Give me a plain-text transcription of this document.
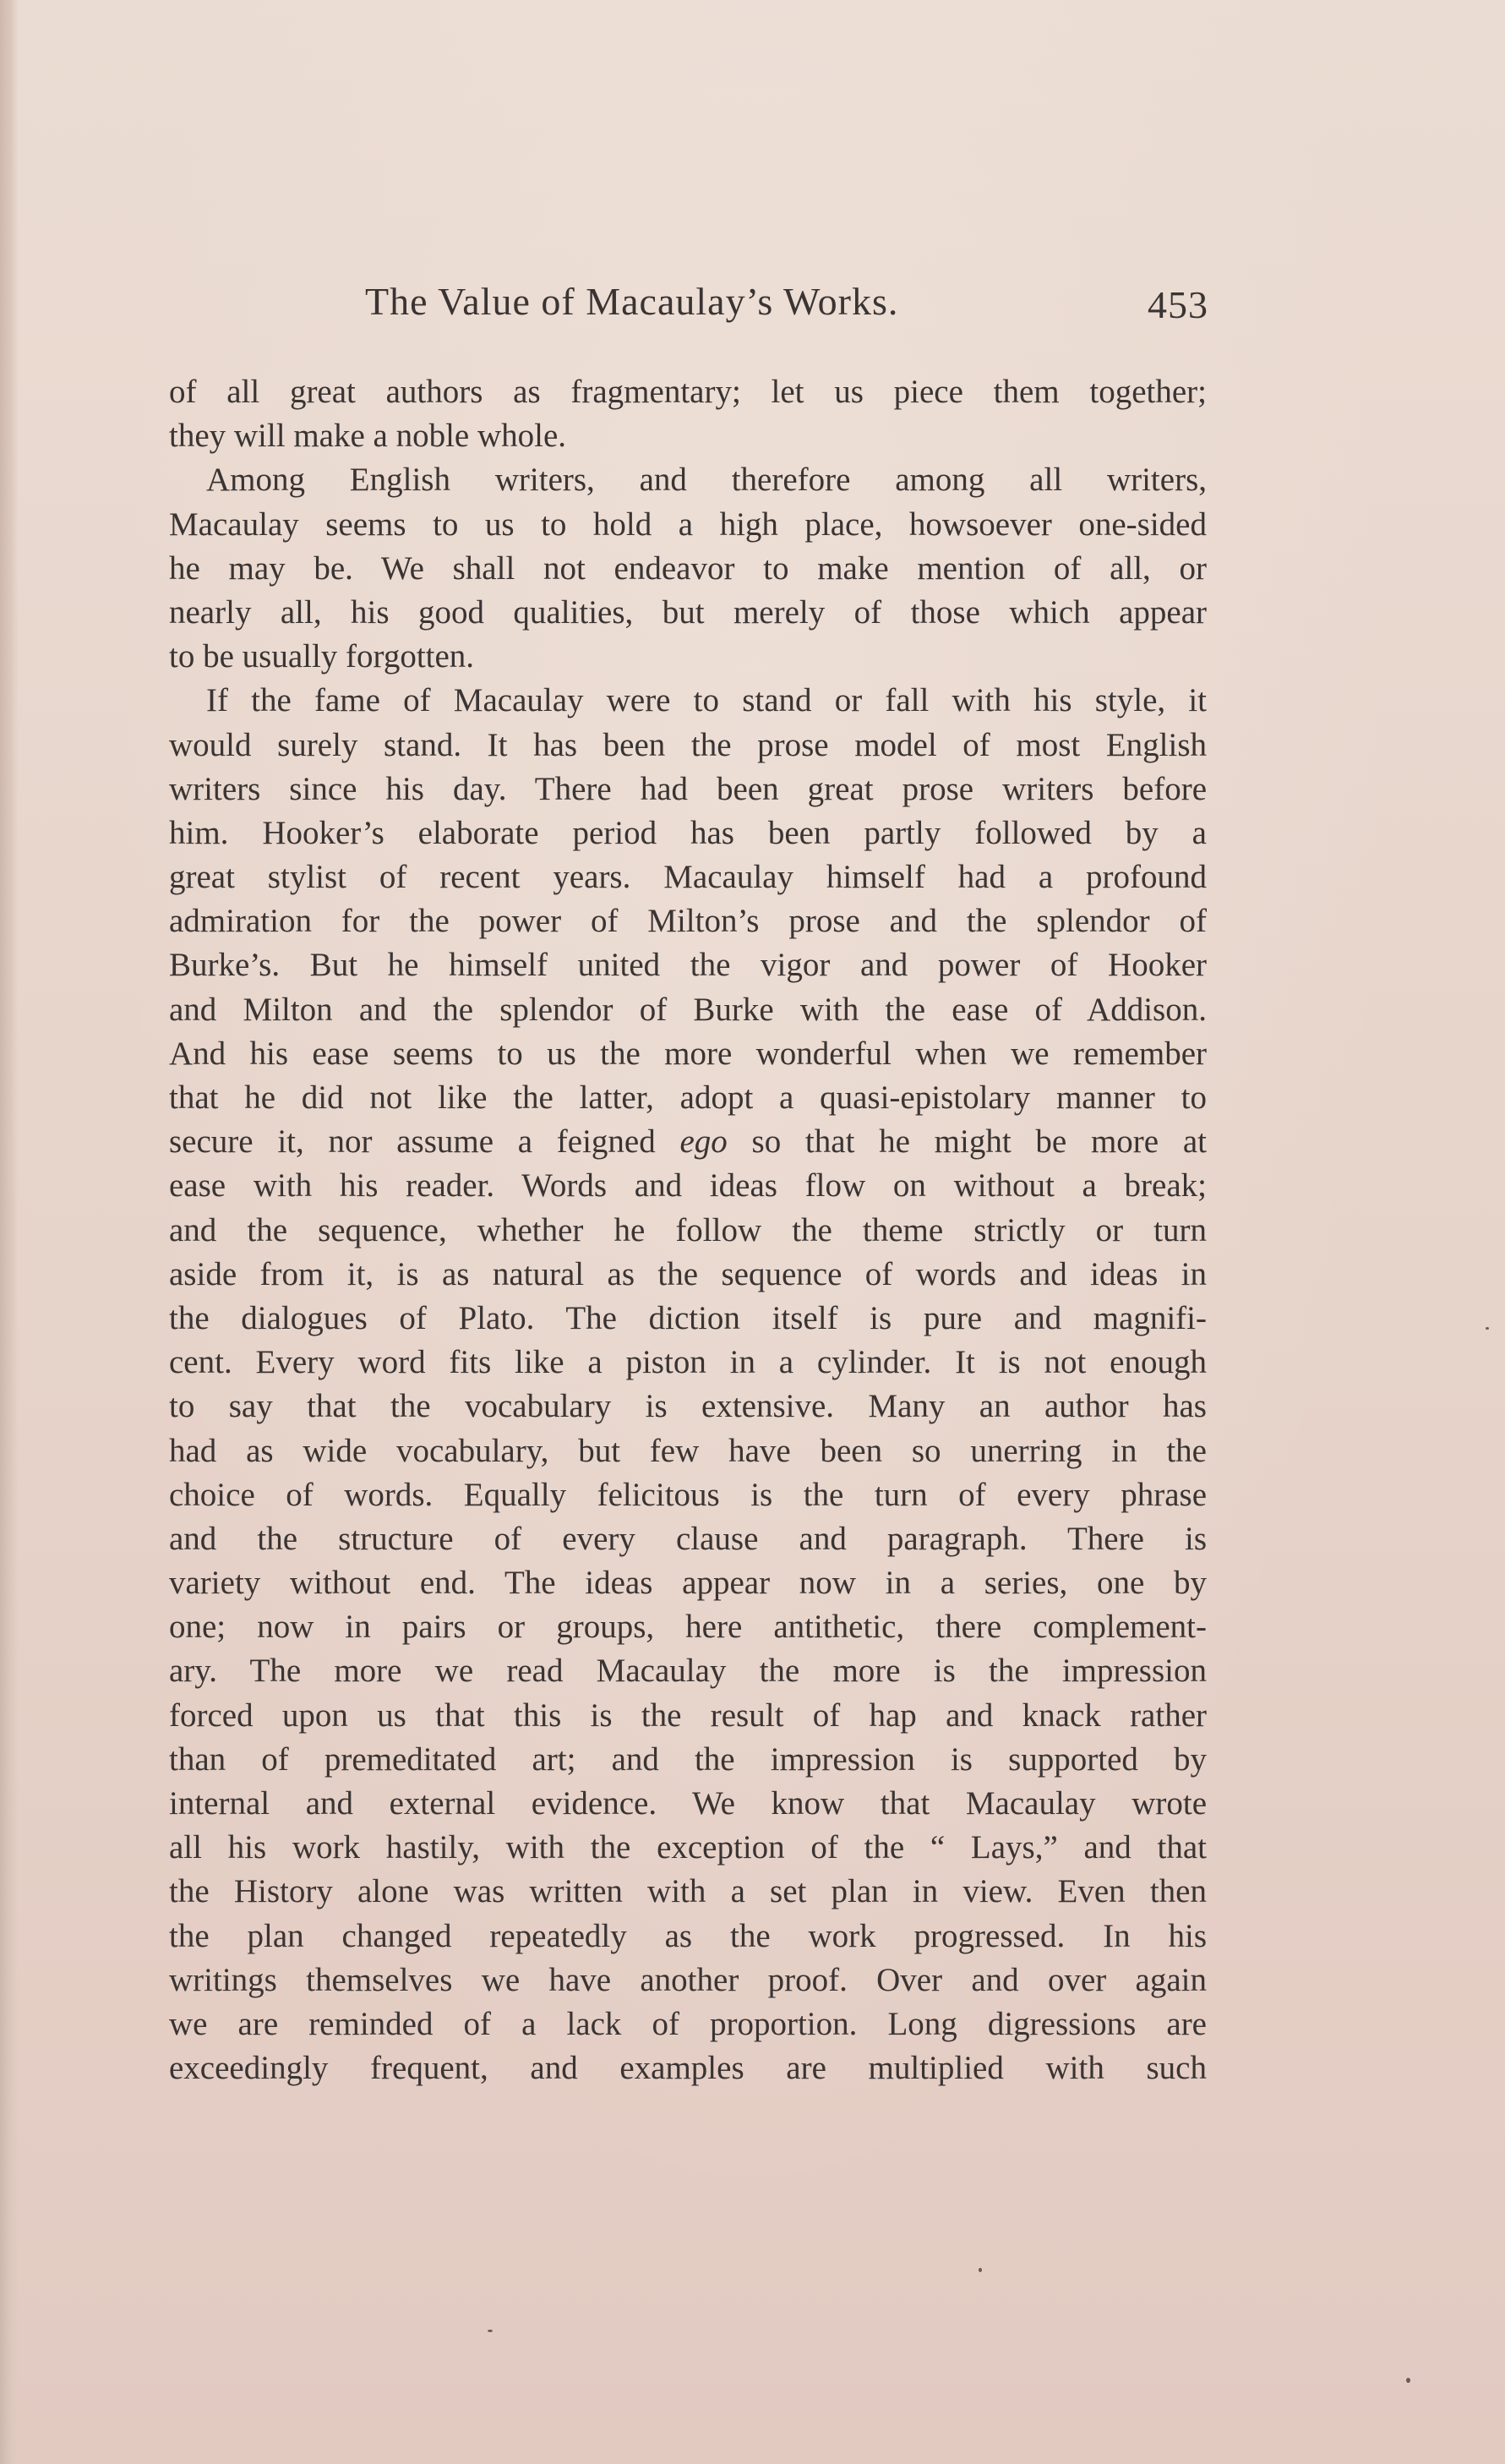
The Value of Macaulay’s Works.	453
of all great authors as fragmentary; let us piece them together;
they will make a noble whole.
Among English writers, and therefore among all writers,
Macaulay seems to us to hold a high place, howsoever one-sided
he may be. We shall not endeavor to make mention of all, or
nearly all, his good qualities, but merely of those which appear
to be usually forgotten.
If the fame of Macaulay were to stand or fall with his style, it
would surely stand. It has been the prose model of most English
writers since his day. There had been great prose writers before
him. Hooker’s elaborate period has been partly followed by a
great stylist of recent years. Macaulay himself had a profound
admiration for the power of Milton’s prose and the splendor of
Burke’s. But he himself united the vigor and power of Hooker
and Milton and the splendor of Burke with the ease of Addison.
And his ease seems to us the more wonderful when we remember
that he did not like the latter, adopt a quasi-epistolary manner to
secure it, nor assume a feigned ego so that he might be more at
ease with his reader. Words and ideas flow on without a break;
and the sequence, whether he follow the theme strictly or turn
aside from it, is as natural as the sequence of words and ideas in
the dialogues of Plato. The diction itself is pure and magnifi-
cent. Every word fits like a piston in a cylinder. It is not enough
to say that the vocabulary is extensive. Many an author has
had as wide vocabulary, but few have been so unerring in the
choice of words. Equally felicitous is the turn of every phrase
and the structure of every clause and paragraph. There is
variety without end. The ideas appear now in a series, one by
one; now in pairs or groups, here antithetic, there complement-
ary. The more we read Macaulay the more is the impression
forced upon us that this is the result of hap and knack rather
than of premeditated art; and the impression is supported by
internal and external evidence. We know that Macaulay wrote
all his work hastily, with the exception of the “ Lays,” and that
the History alone was written with a set plan in view. Even then
the plan changed repeatedly as the work progressed. In his
writings themselves we have another proof. Over and over again
we are reminded of a lack of proportion. Long digressions are
exceedingly frequent, and examples are multiplied with such
